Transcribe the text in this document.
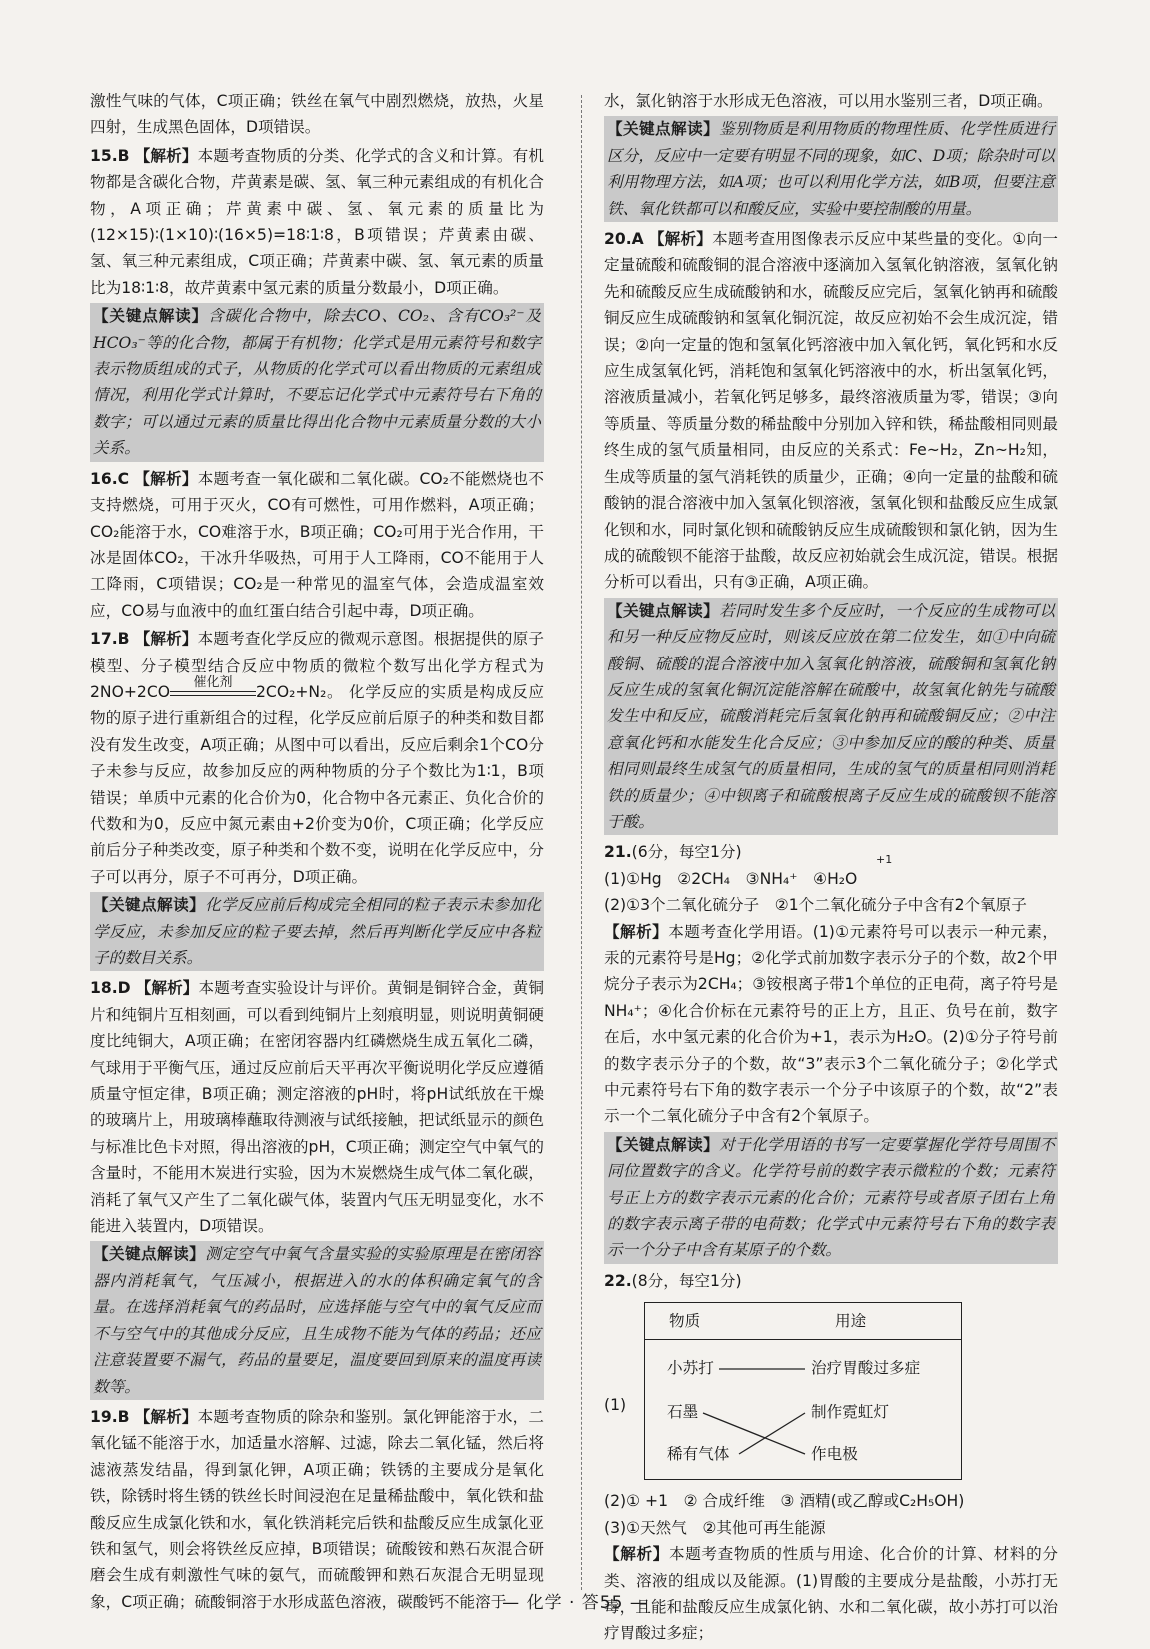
激性气味的气体，C项正确；铁丝在氧气中剧烈燃烧，放热，火星四射，生成黑色固体，D项错误。
15.B 【解析】本题考查物质的分类、化学式的含义和计算。有机物都是含碳化合物，芹黄素是碳、氢、氧三种元素组成的有机化合物，A项正确；芹黄素中碳、氢、氧元素的质量比为(12×15)∶(1×10)∶(16×5)=18∶1∶8，B项错误；芹黄素由碳、氢、氧三种元素组成，C项正确；芹黄素中碳、氢、氧元素的质量比为18∶1∶8，故芹黄素中氢元素的质量分数最小，D项正确。
【关键点解读】含碳化合物中，除去CO、CO₂、含有CO₃²⁻及HCO₃⁻等的化合物，都属于有机物；化学式是用元素符号和数字表示物质组成的式子，从物质的化学式可以看出物质的元素组成情况，利用化学式计算时，不要忘记化学式中元素符号右下角的数字；可以通过元素的质量比得出化合物中元素质量分数的大小关系。
16.C 【解析】本题考查一氧化碳和二氧化碳。CO₂不能燃烧也不支持燃烧，可用于灭火，CO有可燃性，可用作燃料，A项正确；CO₂能溶于水，CO难溶于水，B项正确；CO₂可用于光合作用，干冰是固体CO₂，干冰升华吸热，可用于人工降雨，CO不能用于人工降雨，C项错误；CO₂是一种常见的温室气体，会造成温室效应，CO易与血液中的血红蛋白结合引起中毒，D项正确。
17.B 【解析】本题考查化学反应的微观示意图。根据提供的原子模型、分子模型结合反应中物质的微粒个数写出化学方程式为 2NO+2CO
催化剂
2CO₂+N₂。 化学反应的实质是构成反应物的原子进行重新组合的过程，化学反应前后原子的种类和数目都没有发生改变，A项正确；从图中可以看出，反应后剩余1个CO分子未参与反应，故参加反应的两种物质的分子个数比为1∶1，B项错误；单质中元素的化合价为0，化合物中各元素正、负化合价的代数和为0，反应中氮元素由+2价变为0价，C项正确；化学反应前后分子种类改变，原子种类和个数不变，说明在化学反应中，分子可以再分，原子不可再分，D项正确。
【关键点解读】化学反应前后构成完全相同的粒子表示未参加化学反应，未参加反应的粒子要去掉，然后再判断化学反应中各粒子的数目关系。
18.D 【解析】本题考查实验设计与评价。黄铜是铜锌合金，黄铜片和纯铜片互相刻画，可以看到纯铜片上刻痕明显，则说明黄铜硬度比纯铜大，A项正确；在密闭容器内红磷燃烧生成五氧化二磷，气球用于平衡气压，通过反应前后天平再次平衡说明化学反应遵循质量守恒定律，B项正确；测定溶液的pH时，将pH试纸放在干燥的玻璃片上，用玻璃棒蘸取待测液与试纸接触，把试纸显示的颜色与标准比色卡对照，得出溶液的pH，C项正确；测定空气中氧气的含量时，不能用木炭进行实验，因为木炭燃烧生成气体二氧化碳，消耗了氧气又产生了二氧化碳气体，装置内气压无明显变化，水不能进入装置内，D项错误。
【关键点解读】测定空气中氧气含量实验的实验原理是在密闭容器内消耗氧气，气压减小，根据进入的水的体积确定氧气的含量。在选择消耗氧气的药品时，应选择能与空气中的氧气反应而不与空气中的其他成分反应，且生成物不能为气体的药品；还应注意装置要不漏气，药品的量要足，温度要回到原来的温度再读数等。
19.B 【解析】本题考查物质的除杂和鉴别。氯化钾能溶于水，二氧化锰不能溶于水，加适量水溶解、过滤，除去二氧化锰，然后将滤液蒸发结晶，得到氯化钾，A项正确；铁锈的主要成分是氧化铁，除锈时将生锈的铁丝长时间浸泡在足量稀盐酸中，氧化铁和盐酸反应生成氯化铁和水，氧化铁消耗完后铁和盐酸反应生成氯化亚铁和氢气，则会将铁丝反应掉，B项错误；硫酸铵和熟石灰混合研磨会生成有刺激性气味的氨气，而硫酸钾和熟石灰混合无明显现象，C项正确；硫酸铜溶于水形成蓝色溶液，碳酸钙不能溶于
水，氯化钠溶于水形成无色溶液，可以用水鉴别三者，D项正确。
【关键点解读】鉴别物质是利用物质的物理性质、化学性质进行区分，反应中一定要有明显不同的现象，如C、D项；除杂时可以利用物理方法，如A项；也可以利用化学方法，如B项，但要注意铁、氧化铁都可以和酸反应，实验中要控制酸的用量。
20.A 【解析】本题考查用图像表示反应中某些量的变化。①向一定量硫酸和硫酸铜的混合溶液中逐滴加入氢氧化钠溶液，氢氧化钠先和硫酸反应生成硫酸钠和水，硫酸反应完后，氢氧化钠再和硫酸铜反应生成硫酸钠和氢氧化铜沉淀，故反应初始不会生成沉淀，错误；②向一定量的饱和氢氧化钙溶液中加入氧化钙，氧化钙和水反应生成氢氧化钙，消耗饱和氢氧化钙溶液中的水，析出氢氧化钙，溶液质量减小，若氧化钙足够多，最终溶液质量为零，错误；③向等质量、等质量分数的稀盐酸中分别加入锌和铁，稀盐酸相同则最终生成的氢气质量相同，由反应的关系式：Fe~H₂，Zn~H₂知，生成等质量的氢气消耗铁的质量少，正确；④向一定量的盐酸和硫酸钠的混合溶液中加入氢氧化钡溶液，氢氧化钡和盐酸反应生成氯化钡和水，同时氯化钡和硫酸钠反应生成硫酸钡和氯化钠，因为生成的硫酸钡不能溶于盐酸，故反应初始就会生成沉淀，错误。根据分析可以看出，只有③正确，A项正确。
【关键点解读】若同时发生多个反应时，一个反应的生成物可以和另一种反应物反应时，则该反应放在第二位发生，如①中向硫酸铜、硫酸的混合溶液中加入氢氧化钠溶液，硫酸铜和氢氧化钠反应生成的氢氧化铜沉淀能溶解在硫酸中，故氢氧化钠先与硫酸发生中和反应，硫酸消耗完后氢氧化钠再和硫酸铜反应；②中注意氧化钙和水能发生化合反应；③中参加反应的酸的种类、质量相同则最终生成氢气的质量相同，生成的氢气的质量相同则消耗铁的质量少；④中钡离子和硫酸根离子反应生成的硫酸钡不能溶于酸。
21.(6分，每空1分)
(1)①Hg　②2CH₄　③NH₄⁺　④H₂O
+1
(2)①3个二氧化硫分子　②1个二氧化硫分子中含有2个氧原子
【解析】本题考查化学用语。(1)①元素符号可以表示一种元素，汞的元素符号是Hg；②化学式前加数字表示分子的个数，故2个甲烷分子表示为2CH₄；③铵根离子带1个单位的正电荷，离子符号是NH₄⁺；④化合价标在元素符号的正上方，且正、负号在前，数字在后，水中氢元素的化合价为+1，表示为H₂O。(2)①分子符号前的数字表示分子的个数，故“3”表示3个二氧化硫分子；②化学式中元素符号右下角的数字表示一个分子中该原子的个数，故“2”表示一个二氧化硫分子中含有2个氧原子。
【关键点解读】对于化学用语的书写一定要掌握化学符号周围不同位置数字的含义。化学符号前的数字表示微粒的个数；元素符号正上方的数字表示元素的化合价；元素符号或者原子团右上角的数字表示离子带的电荷数；化学式中元素符号右下角的数字表示一个分子中含有某原子的个数。
22.(8分，每空1分)
(1)
物质	用途
小苏打
石墨
稀有气体
治疗胃酸过多症
制作霓虹灯
作电极
(2)① +1　② 合成纤维　③ 酒精(或乙醇或C₂H₅OH)
(3)①天然气　②其他可再生能源
【解析】本题考查物质的性质与用途、化合价的计算、材料的分类、溶液的组成以及能源。(1)胃酸的主要成分是盐酸，小苏打无毒，且能和盐酸反应生成氯化钠、水和二氧化碳，故小苏打可以治疗胃酸过多症；
— 化学 · 答55 —
